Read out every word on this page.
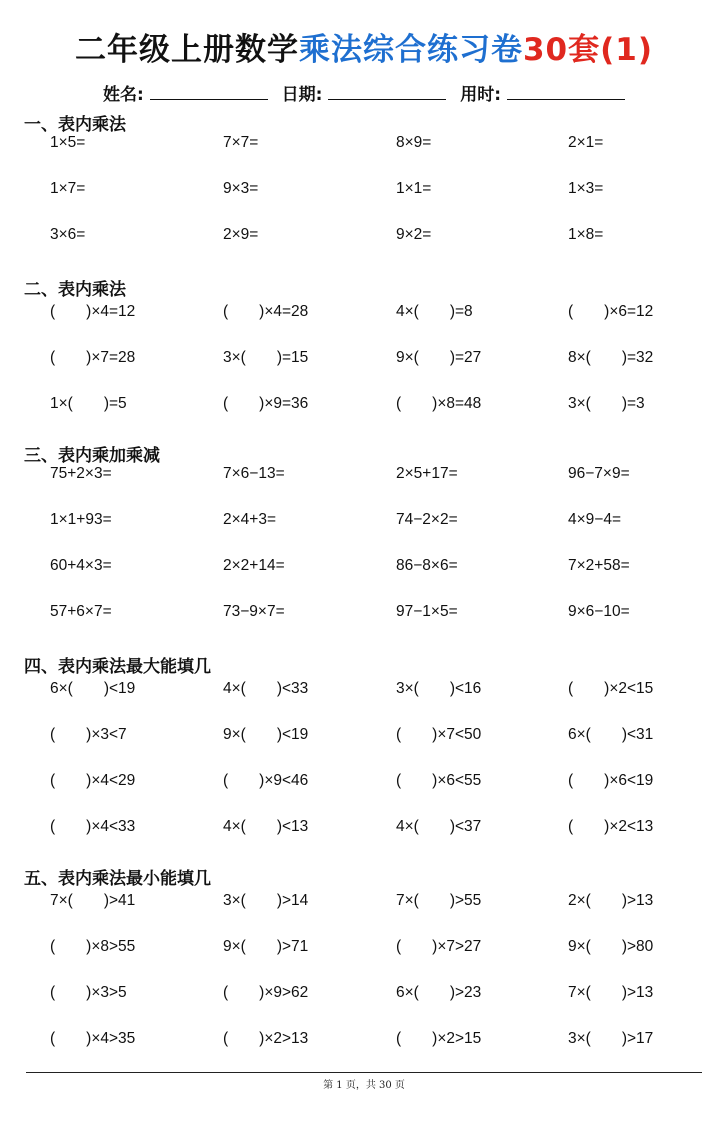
二年级上册数学乘法综合练习卷30套(1)
姓名:	日期:	用时:
一、表内乘法
1×5=	7×7=	8×9=	2×1=
1×7=	9×3=	1×1=	1×3=
3×6=	2×9=	9×2=	1×8=
二、表内乘法
(　　)×4=12	(　　)×4=28	4×(　　)=8	(　　)×6=12
(　　)×7=28	3×(　　)=15	9×(　　)=27	8×(　　)=32
1×(　　)=5	(　　)×9=36	(　　)×8=48	3×(　　)=3
三、表内乘加乘减
75+2×3=	7×6−13=	2×5+17=	96−7×9=
1×1+93=	2×4+3=	74−2×2=	4×9−4=
60+4×3=	2×2+14=	86−8×6=	7×2+58=
57+6×7=	73−9×7=	97−1×5=	9×6−10=
四、表内乘法最大能填几
6×(　　)<19	4×(　　)<33	3×(　　)<16	(　　)×2<15
(　　)×3<7	9×(　　)<19	(　　)×7<50	6×(　　)<31
(　　)×4<29	(　　)×9<46	(　　)×6<55	(　　)×6<19
(　　)×4<33	4×(　　)<13	4×(　　)<37	(　　)×2<13
五、表内乘法最小能填几
7×(　　)>41	3×(　　)>14	7×(　　)>55	2×(　　)>13
(　　)×8>55	9×(　　)>71	(　　)×7>27	9×(　　)>80
(　　)×3>5	(　　)×9>62	6×(　　)>23	7×(　　)>13
(　　)×4>35	(　　)×2>13	(　　)×2>15	3×(　　)>17
第 1 页，共 30 页
